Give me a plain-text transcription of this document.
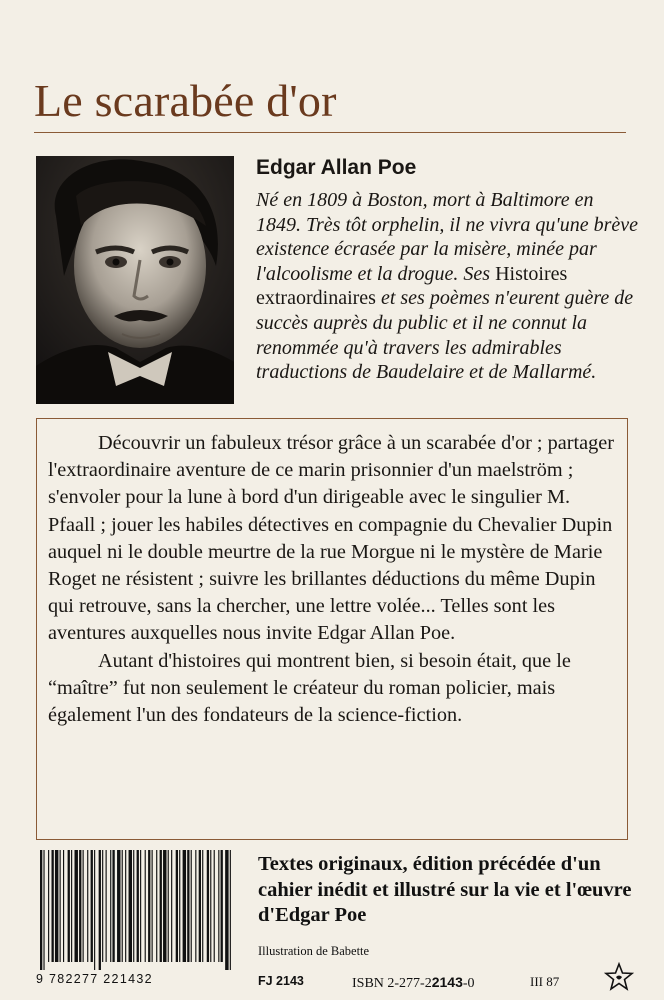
Le scarabée d'or
Edgar Allan Poe

Né en 1809 à Boston, mort à Baltimore en 1849. Très tôt orphelin, il ne vivra qu'une brève existence écrasée par la misère, minée par l'alcoolisme et la drogue. Ses Histoires extraordinaires et ses poèmes n'eurent guère de succès auprès du public et il ne connut la renommée qu'à travers les admirables traductions de Baudelaire et de Mallarmé.

Découvrir un fabuleux trésor grâce à un scarabée d'or ; partager l'extraordinaire aventure de ce marin prisonnier d'un maelström ; s'envoler pour la lune à bord d'un dirigeable avec le singulier M. Pfaall ; jouer les habiles détectives en compagnie du Chevalier Dupin auquel ni le double meurtre de la rue Morgue ni le mystère de Marie Roget ne résistent ; suivre les brillantes déductions du même Dupin qui retrouve, sans la chercher, une lettre volée... Telles sont les aventures auxquelles nous invite Edgar Allan Poe.

Autant d'histoires qui montrent bien, si besoin était, que le “maître” fut non seulement le créateur du roman policier, mais également l'un des fondateurs de la science-fiction.

9 782277 221432

Textes originaux, édition précédée d'un cahier inédit et illustré sur la vie et l'œuvre d'Edgar Poe

Illustration de Babette
FJ 2143	ISBN 2-277-22143-0	III 87
